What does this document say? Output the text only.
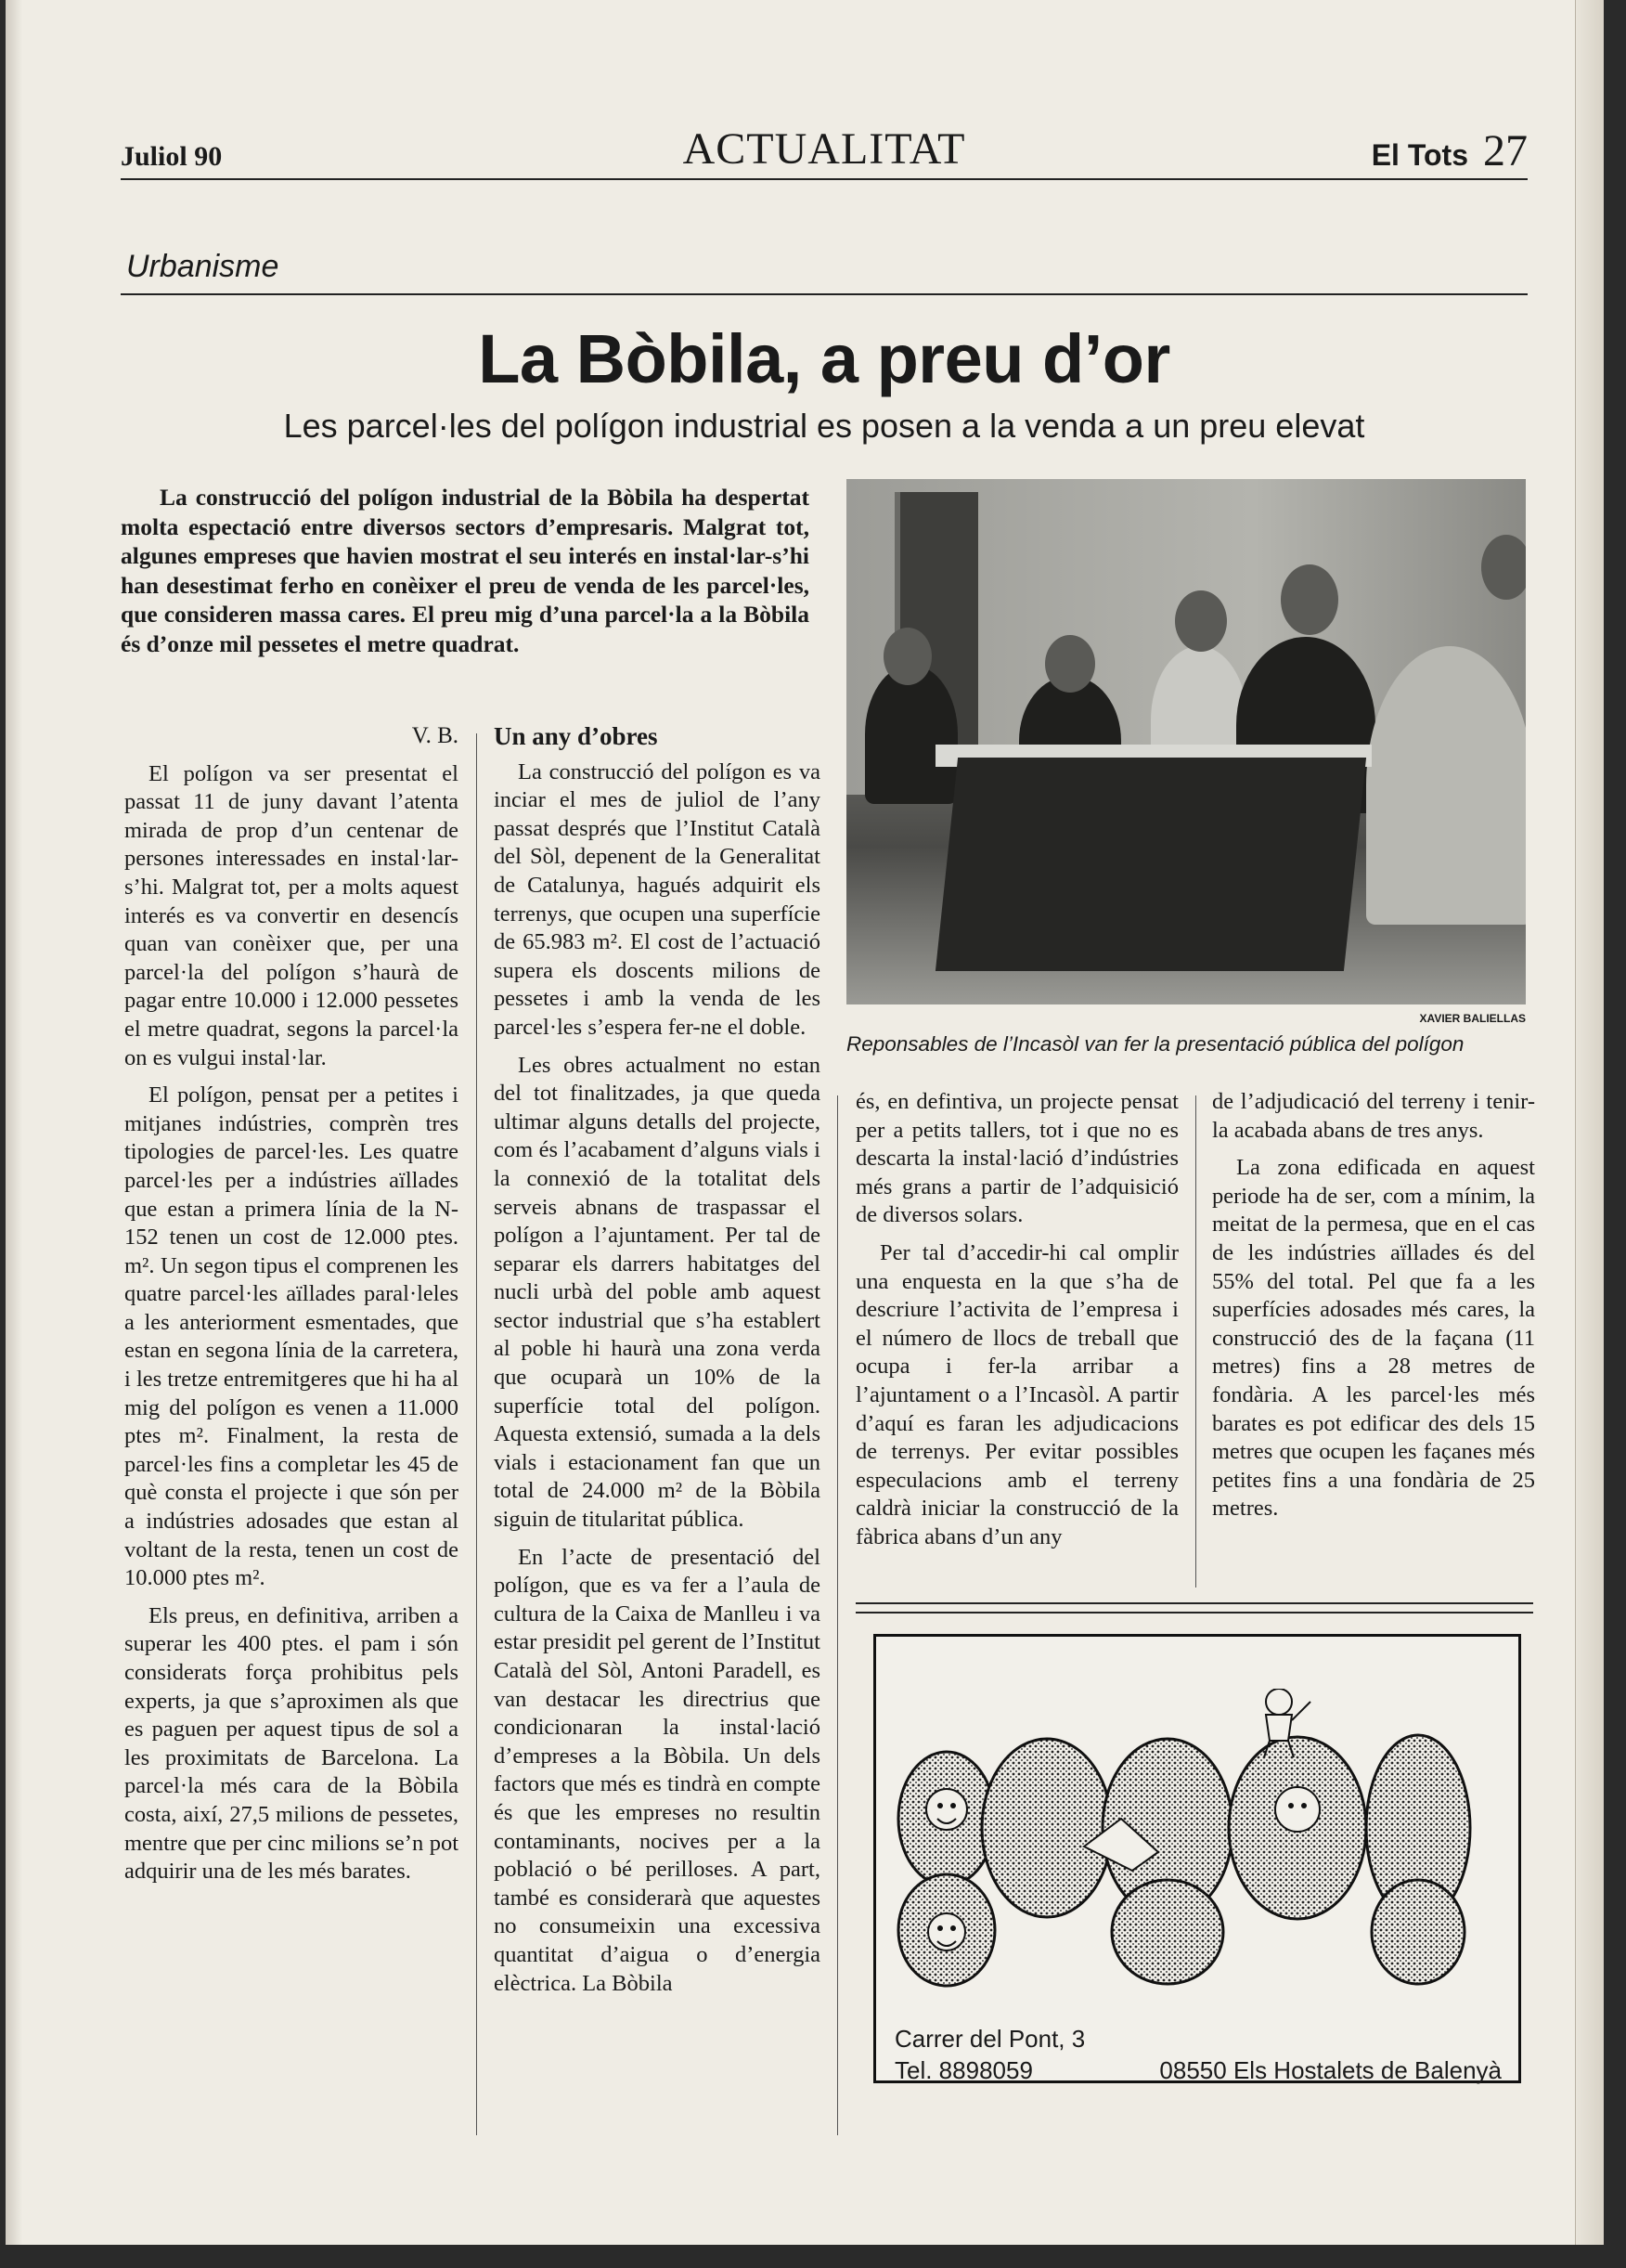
Juliol 90	ACTUALITAT	El Tots 27
Urbanisme
La Bòbila, a preu d’or
Les parcel·les del polígon industrial es posen a la venda a un preu elevat
La construcció del polígon industrial de la Bòbila ha despertat molta espectació entre diversos sectors d’empresaris. Malgrat tot, algunes empreses que havien mostrat el seu interés en instal·lar-s’hi han desestimat ferho en conèixer el preu de venda de les parcel·les, que consideren massa cares. El preu mig d’una parcel·la a la Bòbila és d’onze mil pessetes el metre quadrat.
XAVIER BALIELLAS
Reponsables de l’Incasòl van fer la presentació pública del polígon

V. B.

El polígon va ser presentat el passat 11 de juny davant l’atenta mirada de prop d’un centenar de persones interessades en instal·lar-s’hi. Malgrat tot, per a molts aquest interés es va convertir en desencís quan van conèixer que, per una parcel·la del polígon s’haurà de pagar entre 10.000 i 12.000 pessetes el metre quadrat, segons la parcel·la on es vulgui instal·lar.

El polígon, pensat per a petites i mitjanes indústries, comprèn tres tipologies de parcel·les. Les quatre parcel·les per a indústries aïllades que estan a primera línia de la N-152 tenen un cost de 12.000 ptes. m². Un segon tipus el comprenen les quatre parcel·les aïllades paral·leles a les anteriorment esmentades, que estan en segona línia de la carretera, i les tretze entremitgeres que hi ha al mig del polígon es venen a 11.000 ptes m². Finalment, la resta de parcel·les fins a completar les 45 de què consta el projecte i que són per a indústries adosades que estan al voltant de la resta, tenen un cost de 10.000 ptes m².

Els preus, en definitiva, arriben a superar les 400 ptes. el pam i són considerats força prohibitus pels experts, ja que s’aproximen als que es paguen per aquest tipus de sol a les proximitats de Barcelona. La parcel·la més cara de la Bòbila costa, així, 27,5 milions de pessetes, mentre que per cinc milions se’n pot adquirir una de les més barates.

Un any d’obres

La construcció del polígon es va inciar el mes de juliol de l’any passat després que l’Institut Català del Sòl, depenent de la Generalitat de Catalunya, hagués adquirit els terrenys, que ocupen una superfície de 65.983 m². El cost de l’actuació supera els doscents milions de pessetes i amb la venda de les parcel·les s’espera fer-ne el doble.

Les obres actualment no estan del tot finalitzades, ja que queda ultimar alguns detalls del projecte, com és l’acabament d’alguns vials i la connexió de la totalitat dels serveis abnans de traspassar el polígon a l’ajuntament. Per tal de separar els darrers habitatges del nucli urbà del poble amb aquest sector industrial que s’ha establert al poble hi haurà una zona verda que ocuparà un 10% de la superfície total del polígon. Aquesta extensió, sumada a la dels vials i estacionament fan que un total de 24.000 m² de la Bòbila siguin de titularitat pública.

En l’acte de presentació del polígon, que es va fer a l’aula de cultura de la Caixa de Manlleu i va estar presidit pel gerent de l’Institut Català del Sòl, Antoni Paradell, es van destacar les directrius que condicionaran la instal·lació d’empreses a la Bòbila. Un dels factors que més es tindrà en compte és que les empreses no resultin contaminants, nocives per a la població o bé perilloses. A part, també es considerarà que aquestes no consumeixin una excessiva quantitat d’aigua o d’energia elèctrica. La Bòbila

és, en defintiva, un projecte pensat per a petits tallers, tot i que no es descarta la instal·lació d’indústries més grans a partir de l’adquisició de diversos solars.

Per tal d’accedir-hi cal omplir una enquesta en la que s’ha de descriure l’activita de l’empresa i el número de llocs de treball que ocupa i fer-la arribar a l’ajuntament o a l’Incasòl. A partir d’aquí es faran les adjudicacions de terrenys. Per evitar possibles especulacions amb el terreny caldrà iniciar la construcció de la fàbrica abans d’un any

de l’adjudicació del terreny i tenir-la acabada abans de tres anys.

La zona edificada en aquest periode ha de ser, com a mínim, la meitat de la permesa, que en el cas de les indústries aïllades és del 55% del total. Pel que fa a les superfícies adosades més cares, la construcció des de la façana (11 metres) fins a 28 metres de fondària. A les parcel·les més barates es pot edificar des dels 15 metres que ocupen les façanes més petites fins a una fondària de 25 metres.

Carrer del Pont, 3
Tel. 8898059	08550 Els Hostalets de Balenyà
